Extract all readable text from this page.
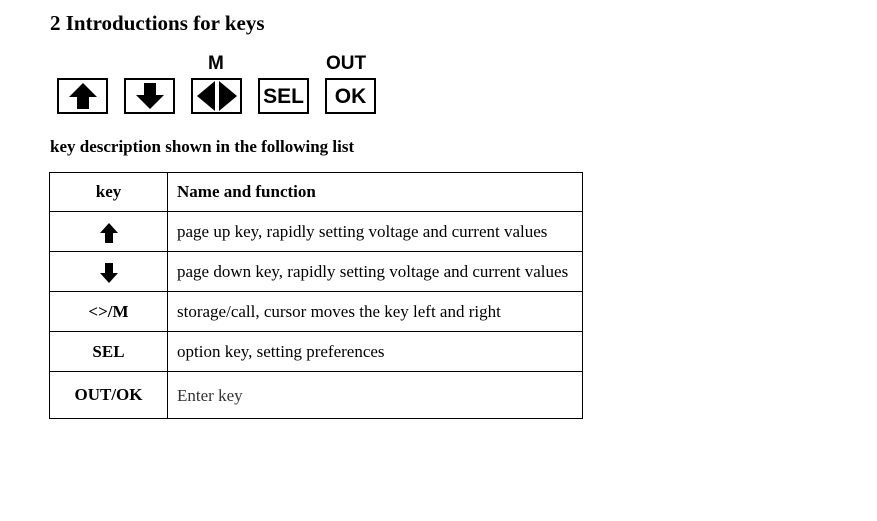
2 Introductions for keys
M
SEL
OUT
OK
key description shown in the following list
key	Name and function
	page up key, rapidly setting voltage and current values
	page down key, rapidly setting voltage and current values
<>/M	storage/call, cursor moves the key left and right
SEL	option key, setting preferences
OUT/OK	Enter key
